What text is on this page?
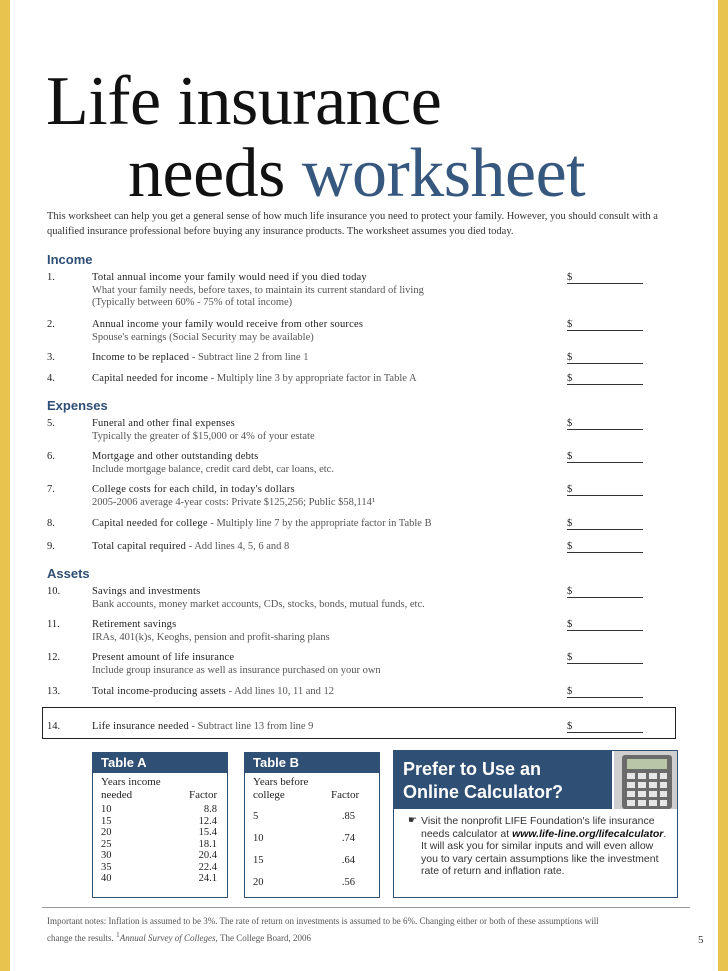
Life insurance
needs worksheet
This worksheet can help you get a general sense of how much life insurance you need to protect your family. However, you should consult with a qualified insurance professional before buying any insurance products. The worksheet assumes you died today.
Income
Expenses
Assets
1.	Total annual income your family would need if you died today
What your family needs, before taxes, to maintain its current standard of living
(Typically between 60% - 75% of total income)
$
2.	Annual income your family would receive from other sources
Spouse's earnings (Social Security may be available)
$
3.	Income to be replaced - Subtract line 2 from line 1	$
4.	Capital needed for income - Multiply line 3 by appropriate factor in Table A	$
5.	Funeral and other final expenses
Typically the greater of $15,000 or 4% of your estate
$
6.	Mortgage and other outstanding debts
Include mortgage balance, credit card debt, car loans, etc.
$
7.	College costs for each child, in today's dollars
2005-2006 average 4-year costs: Private $125,256; Public $58,114¹
$
8.	Capital needed for college - Multiply line 7 by the appropriate factor in Table B	$
9.	Total capital required - Add lines 4, 5, 6 and 8	$
10.	Savings and investments
Bank accounts, money market accounts, CDs, stocks, bonds, mutual funds, etc.
$
11.	Retirement savings
IRAs, 401(k)s, Keoghs, pension and profit-sharing plans
$
12.	Present amount of life insurance
Include group insurance as well as insurance purchased on your own
$
13.	Total income-producing assets - Add lines 10, 11 and 12	$
14.	Life insurance needed - Subtract line 13 from line 9	$
Table A
Years income
needed	Factor
10	8.8
15	12.4
20	15.4
25	18.1
30	20.4
35	22.4
40	24.1
Table B
Years before
college	Factor
5	.85
10	.74
15	.64
20	.56
Prefer to Use an
Online Calculator?
☛ Visit the nonprofit LIFE Foundation's life insurance needs calculator at www.life-line.org/lifecalculator. It will ask you for similar inputs and will even allow you to vary certain assumptions like the investment rate of return and inflation rate.
Important notes: Inflation is assumed to be 3%. The rate of return on investments is assumed to be 6%. Changing either or both of these assumptions will
change the results. $^1$Annual Survey of Colleges, The College Board, 2006	5
